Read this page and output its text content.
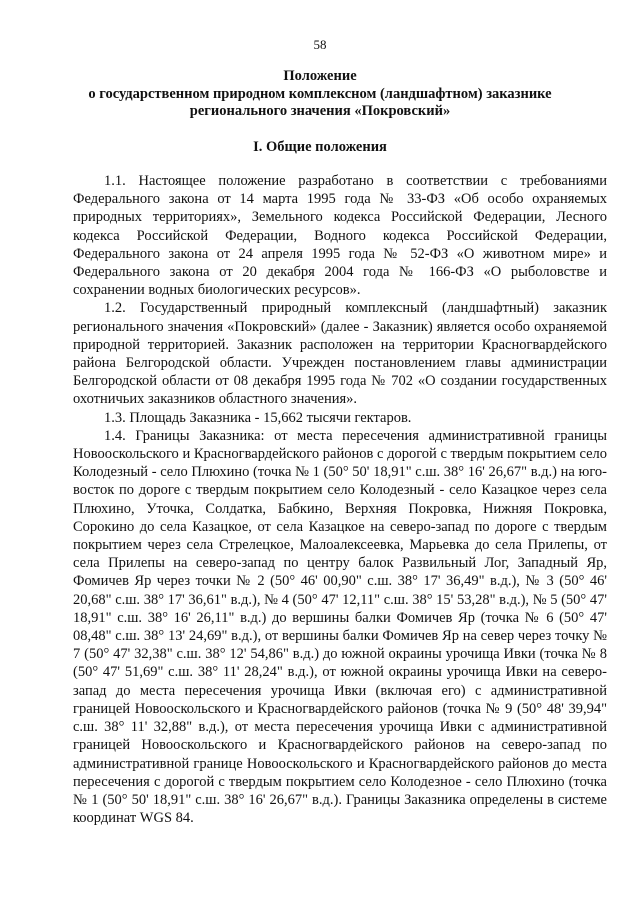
58
Положение
о государственном природном комплексном (ландшафтном) заказнике
регионального значения «Покровский»
I. Общие положения

1.1. Настоящее положение разработано в соответствии с требованиями Федерального закона от 14 марта 1995 года № 33-ФЗ «Об особо охраняемых природных территориях», Земельного кодекса Российской Федерации, Лесного кодекса Российской Федерации, Водного кодекса Российской Федерации, Федерального закона от 24 апреля 1995 года № 52-ФЗ «О животном мире» и Федерального закона от 20 декабря 2004 года № 166-ФЗ «О рыболовстве и сохранении водных биологических ресурсов».

1.2. Государственный природный комплексный (ландшафтный) заказник регионального значения «Покровский» (далее - Заказник) является особо охраняемой природной территорией. Заказник расположен на территории Красногвардейского района Белгородской области. Учрежден постановлением главы администрации Белгородской области от 08 декабря 1995 года № 702 «О создании государственных охотничьих заказников областного значения».

1.3. Площадь Заказника - 15,662 тысячи гектаров.

1.4. Границы Заказника: от места пересечения административной границы Новооскольского и Красногвардейского районов с дорогой с твердым покрытием село Колодезный - село Плюхино (точка № 1 (50° 50' 18,91" с.ш. 38° 16' 26,67" в.д.) на юго-восток по дороге с твердым покрытием село Колодезный - село Казацкое через села Плюхино, Уточка, Солдатка, Бабкино, Верхняя Покровка, Нижняя Покровка, Сорокино до села Казацкое, от села Казацкое на северо-запад по дороге с твердым покрытием через села Стрелецкое, Малоалексеевка, Марьевка до села Прилепы, от села Прилепы на северо-запад по центру балок Развильный Лог, Западный Яр, Фомичев Яр через точки № 2 (50° 46' 00,90" с.ш. 38° 17' 36,49" в.д.), № 3 (50° 46' 20,68" с.ш. 38° 17' 36,61" в.д.), № 4 (50° 47' 12,11" с.ш. 38° 15' 53,28" в.д.), № 5 (50° 47' 18,91" с.ш. 38° 16' 26,11" в.д.) до вершины балки Фомичев Яр (точка № 6 (50° 47' 08,48" с.ш. 38° 13' 24,69" в.д.), от вершины балки Фомичев Яр на север через точку № 7 (50° 47' 32,38" с.ш. 38° 12' 54,86" в.д.) до южной окраины урочища Ивки (точка № 8 (50° 47' 51,69" с.ш. 38° 11' 28,24" в.д.), от южной окраины урочища Ивки на северо-запад до места пересечения урочища Ивки (включая его) с административной границей Новооскольского и Красногвардейского районов (точка № 9 (50° 48' 39,94" с.ш. 38° 11' 32,88" в.д.), от места пересечения урочища Ивки с административной границей Новооскольского и Красногвардейского районов на северо-запад по административной границе Новооскольского и Красногвардейского районов до места пересечения с дорогой с твердым покрытием село Колодезное - село Плюхино (точка № 1 (50° 50' 18,91" с.ш. 38° 16' 26,67" в.д.). Границы Заказника определены в системе координат WGS 84.
